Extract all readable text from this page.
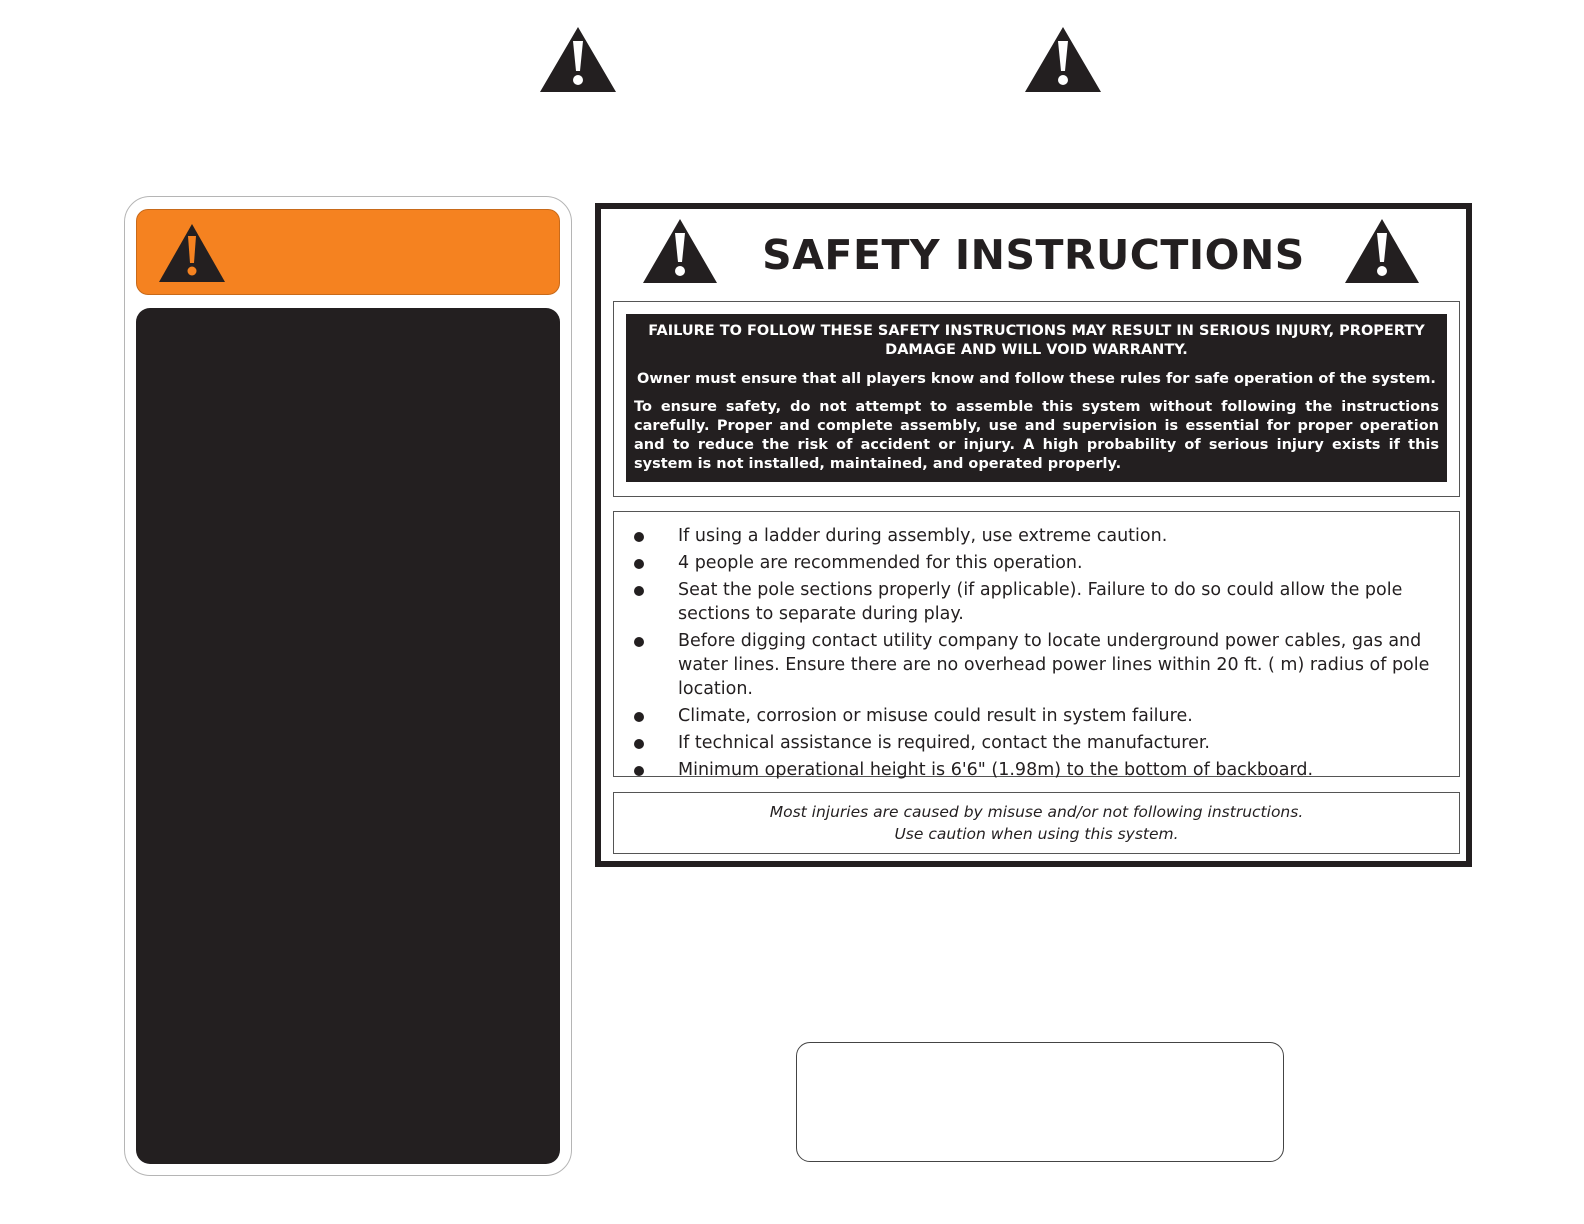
SAFETY INSTRUCTIONS
FAILURE TO FOLLOW THESE SAFETY INSTRUCTIONS MAY RESULT IN SERIOUS INJURY, PROPERTY DAMAGE AND WILL VOID WARRANTY.
Owner must ensure that all players know and follow these rules for safe operation of the system.
To ensure safety, do not attempt to assemble this system without following the instructions carefully. Proper and complete assembly, use and supervision is essential for proper operation and to reduce the risk of accident or injury. A high probability of serious injury exists if this system is not installed, maintained, and operated properly.
If using a ladder during assembly, use extreme caution.
4 people are recommended for this operation.
Seat the pole sections properly (if applicable). Failure to do so could allow the pole sections to separate during play.
Before digging contact utility company to locate underground power cables, gas and water lines. Ensure there are no overhead power lines within 20 ft. ( m) radius of pole location.
Climate, corrosion or misuse could result in system failure.
If technical assistance is required, contact the manufacturer.
Minimum operational height is 6'6" (1.98m) to the bottom of backboard.
Most injuries are caused by misuse and/or not following instructions.
Use caution when using this system.
